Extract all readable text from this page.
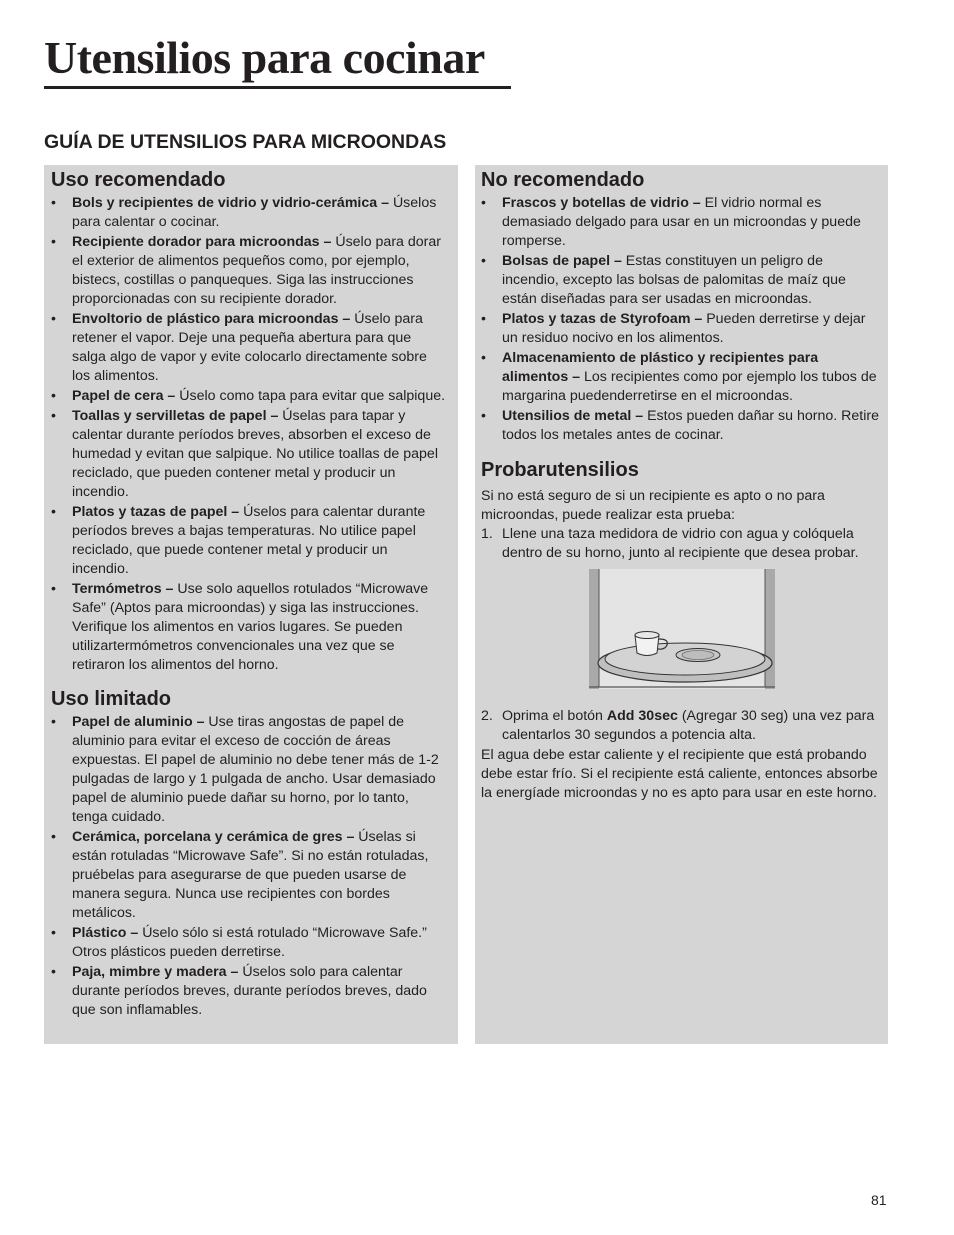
Utensilios para cocinar
GUÍA DE UTENSILIOS PARA MICROONDAS
Uso recomendado
• Bols y recipientes de vidrio y vidrio-cerámica – Úselos para calentar o cocinar.
• Recipiente dorador para microondas – Úselo para dorar el exterior de alimentos pequeños como, por ejemplo, bistecs, costillas o panqueques. Siga las instrucciones proporcionadas con su recipiente dorador.
• Envoltorio de plástico para microondas – Úselo para retener el vapor. Deje una pequeña abertura para que salga algo de vapor y evite colocarlo directamente sobre los alimentos.
• Papel de cera – Úselo como tapa para evitar que salpique.
• Toallas y servilletas de papel – Úselas para tapar y calentar durante períodos breves, absorben el exceso de humedad y evitan que salpique. No utilice toallas de papel reciclado, que pueden contener metal y producir un incendio.
• Platos y tazas de papel – Úselos para calentar durante períodos breves a bajas temperaturas. No utilice papel reciclado, que puede contener metal y producir un incendio.
• Termómetros – Use solo aquellos rotulados “Microwave Safe” (Aptos para microondas) y siga las instrucciones. Verifique los alimentos en varios lugares. Se pueden utilizartermómetros convencionales una vez que se retiraron los alimentos del horno.
Uso limitado
• Papel de aluminio – Use tiras angostas de papel de aluminio para evitar el exceso de cocción de áreas expuestas. El papel de aluminio no debe tener más de 1-2 pulgadas de largo y 1 pulgada de ancho. Usar demasiado papel de aluminio puede dañar su horno, por lo tanto, tenga cuidado.
• Cerámica, porcelana y cerámica de gres – Úselas si están rotuladas “Microwave Safe”. Si no están rotuladas, pruébelas para asegurarse de que pueden usarse de manera segura. Nunca use recipientes con bordes metálicos.
• Plástico – Úselo sólo si está rotulado “Microwave Safe.” Otros plásticos pueden derretirse.
• Paja, mimbre y madera – Úselos solo para calentar durante períodos breves, durante períodos breves, dado que son inflamables.
No recomendado
• Frascos y botellas de vidrio – El vidrio normal es demasiado delgado para usar en un microondas y puede romperse.
• Bolsas de papel – Estas constituyen un peligro de incendio, excepto las bolsas de palomitas de maíz que están diseñadas para ser usadas en microondas.
• Platos y tazas de Styrofoam – Pueden derretirse y dejar un residuo nocivo en los alimentos.
• Almacenamiento de plástico y recipientes para alimentos – Los recipientes como por ejemplo los tubos de margarina puedenderretirse en el microondas.
• Utensilios de metal – Estos pueden dañar su horno. Retire todos los metales antes de cocinar.
Probarutensilios

Si no está seguro de si un recipiente es apto o no para microondas, puede realizar esta prueba:

1. Llene una taza medidora de vidrio con agua y colóquela dentro de su horno, junto al recipiente que desea probar.
2. Oprima el botón Add 30sec (Agregar 30 seg) una vez para calentarlos 30 segundos a potencia alta.

El agua debe estar caliente y el recipiente que está probando debe estar frío. Si el recipiente está caliente, entonces absorbe la energíade microondas y no es apto para usar en este horno.

81
